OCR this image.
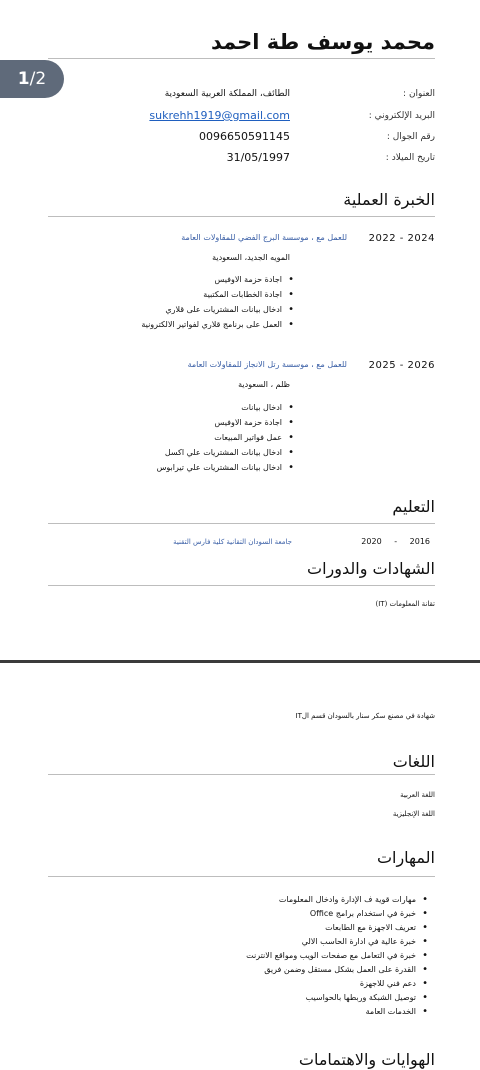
1/2
محمد يوسف طة احمد
العنوان :
الطائف، المملكة العربية السعودية
البريد الإلكتروني :
sukrehh1919@gmail.com
رقم الجوال :
0096650591145
تاريخ الميلاد :
31/05/1997
الخبرة العملية
2022 - 2024
للعمل مع ، موسسة البرج الفضي للمقاولات العامة
المويه الجديد، السعودية
• اجادة حزمة الاوفيس
• اجادة الخطابات المكتبية
• ادخال بيانات المشتريات على قلاري
• العمل على برنامج قلاري لفواتير الالكترونية
2025 - 2026
للعمل مع ، موسسة رتل الانجاز للمقاولات العامة
ظلم ، السعودية
• ادخال بيانات
• اجادة حزمة الاوفيس
• عمل فواتير المبيعات
• ادخال بيانات المشتريات علي اكسل
• ادخال بيانات المشتريات علي تيرابوس
التعليم
2020 - 2016
جامعة السودان التقانية كلية فارس التقنية
الشهادات والدورات
تقانة المعلومات (IT)
شهادة في مصنع سكر سنار بالسودان قسم الIT
اللغات
اللغة العربية
اللغة الإنجليزية
المهارات
• مهارات قوية ف الإدارة وادخال المعلومات
• خبرة في استخدام برامج Office
• تعريف الاجهزة مع الطابعات
• خبرة عالية في ادارة الحاسب الالي
• خبرة في التعامل مع صفحات الويب ومواقع الانترنت
• القدرة على العمل بشكل مستقل وضمن فريق
• دعم فني للاجهزة
• توصيل الشبكة وربطها بالحواسيب
• الخدمات العامة
الهوايات والاهتمامات
